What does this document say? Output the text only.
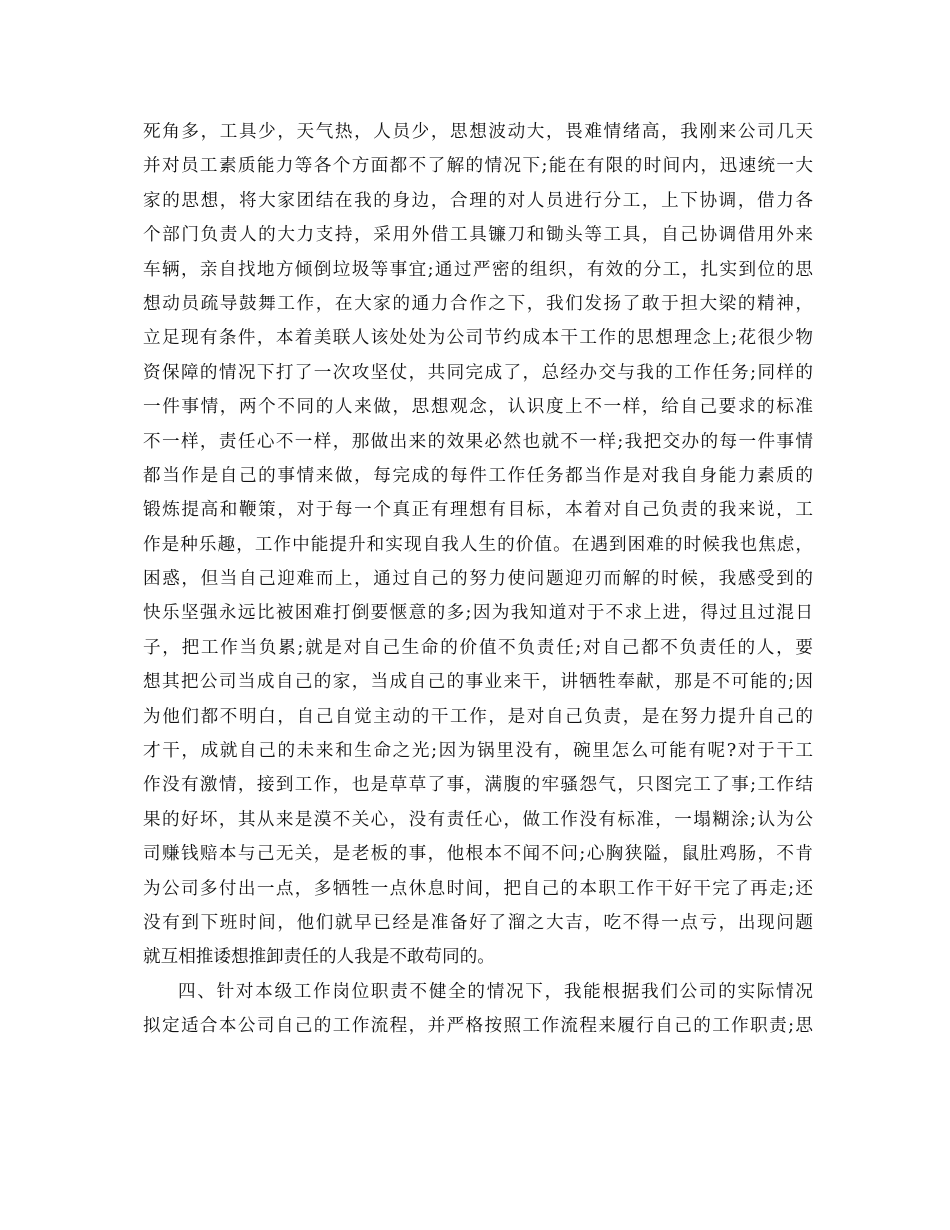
死角多，工具少，天气热，人员少，思想波动大，畏难情绪高，我刚来公司几天
并对员工素质能力等各个方面都不了解的情况下;能在有限的时间内，迅速统一大
家的思想，将大家团结在我的身边，合理的对人员进行分工，上下协调，借力各
个部门负责人的大力支持，采用外借工具镰刀和锄头等工具，自己协调借用外来
车辆，亲自找地方倾倒垃圾等事宜;通过严密的组织，有效的分工，扎实到位的思
想动员疏导鼓舞工作，在大家的通力合作之下，我们发扬了敢于担大梁的精神，
立足现有条件，本着美联人该处处为公司节约成本干工作的思想理念上;花很少物
资保障的情况下打了一次攻坚仗，共同完成了，总经办交与我的工作任务;同样的
一件事情，两个不同的人来做，思想观念，认识度上不一样，给自己要求的标准
不一样，责任心不一样，那做出来的效果必然也就不一样;我把交办的每一件事情
都当作是自己的事情来做，每完成的每件工作任务都当作是对我自身能力素质的
锻炼提高和鞭策，对于每一个真正有理想有目标，本着对自己负责的我来说，工
作是种乐趣，工作中能提升和实现自我人生的价值。在遇到困难的时候我也焦虑，
困惑，但当自己迎难而上，通过自己的努力使问题迎刃而解的时候，我感受到的
快乐坚强永远比被困难打倒要惬意的多;因为我知道对于不求上进，得过且过混日
子，把工作当负累;就是对自己生命的价值不负责任;对自己都不负责任的人，要
想其把公司当成自己的家，当成自己的事业来干，讲牺牲奉献，那是不可能的;因
为他们都不明白，自己自觉主动的干工作，是对自己负责，是在努力提升自己的
才干，成就自己的未来和生命之光;因为锅里没有，碗里怎么可能有呢?对于干工
作没有激情，接到工作，也是草草了事，满腹的牢骚怨气，只图完工了事;工作结
果的好坏，其从来是漠不关心，没有责任心，做工作没有标准，一塌糊涂;认为公
司赚钱赔本与己无关，是老板的事，他根本不闻不问;心胸狭隘，鼠肚鸡肠，不肯
为公司多付出一点，多牺牲一点休息时间，把自己的本职工作干好干完了再走;还
没有到下班时间，他们就早已经是准备好了溜之大吉，吃不得一点亏，出现问题
就互相推诿想推卸责任的人我是不敢苟同的。
四、针对本级工作岗位职责不健全的情况下，我能根据我们公司的实际情况
拟定适合本公司自己的工作流程，并严格按照工作流程来履行自己的工作职责;思
